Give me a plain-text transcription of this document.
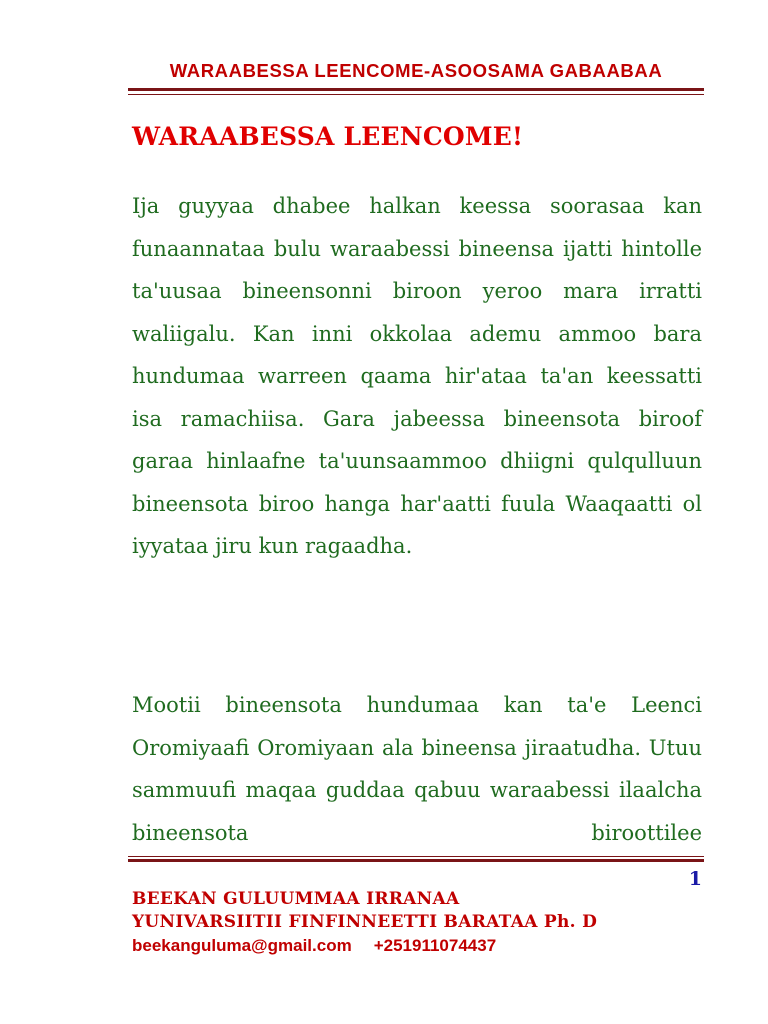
WARAABESSA LEENCOME-ASOOSAMA GABAABAA
WARAABESSA LEENCOME!

Ija guyyaa dhabee halkan keessa soorasaa kan funaannataa bulu waraabessi bineensa ijatti hintolle ta'uusaa bineensonni biroon yeroo mara irratti waliigalu. Kan inni okkolaa ademu ammoo bara hundumaa warreen qaama hir'ataa ta'an keessatti isa ramachiisa. Gara jabeessa bineensota biroof garaa hinlaafne ta'uunsaammoo dhiigni qulqulluun bineensota biroo hanga har'aatti fuula Waaqaatti ol iyyataa jiru kun ragaadha.

Mootii bineensota hundumaa kan ta'e Leenci Oromiyaafi Oromiyaan ala bineensa jiraatudha. Utuu sammuufi maqaa guddaa qabuu waraabessi ilaalcha bineensota biroottilee

1
BEEKAN GULUUMMAA IRRANAA
YUNIVARSIITII FINFINNEETTI BARATAA Ph. D
beekanguluma@gmail.com +251911074437
